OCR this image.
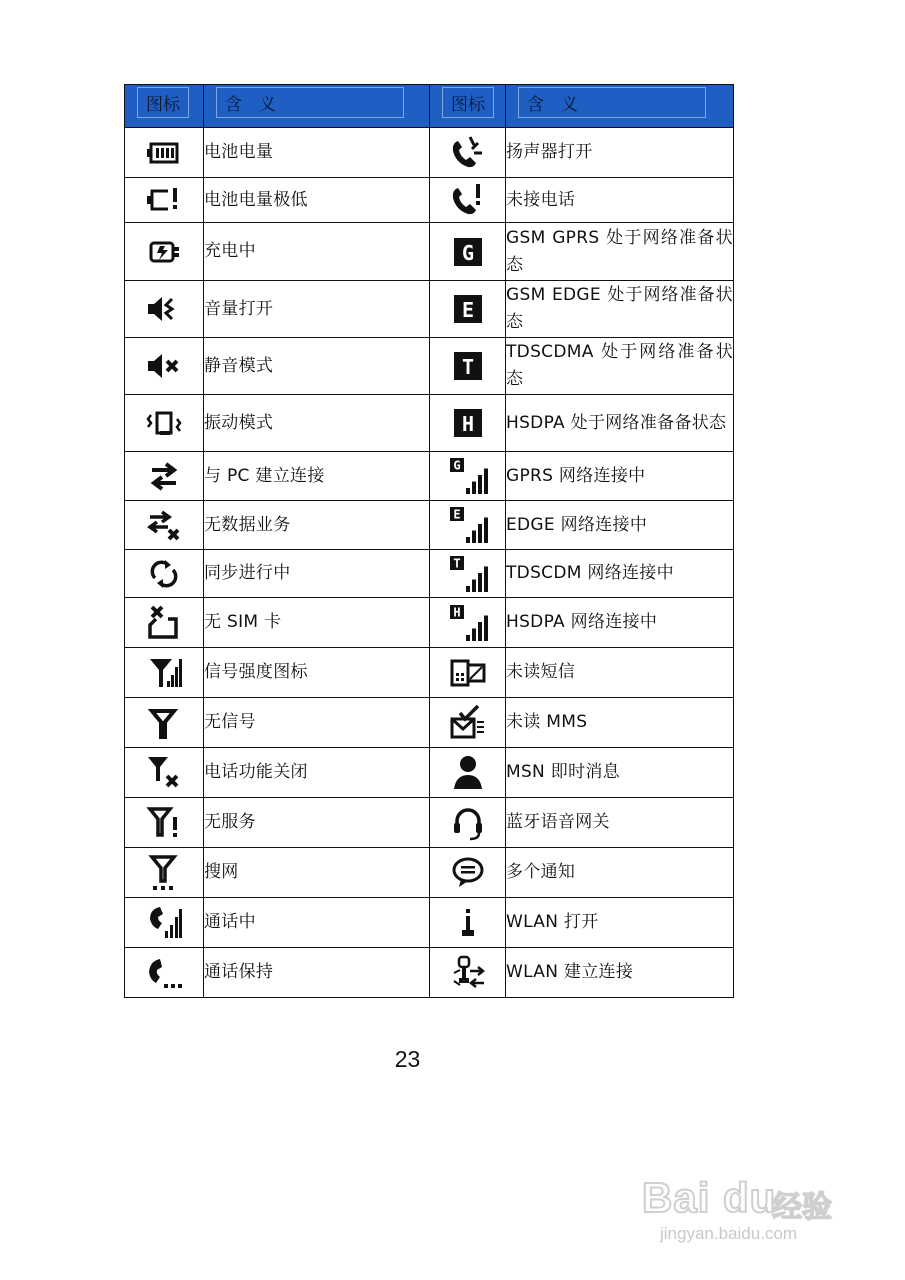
图标	含　义	图标	含　义

	电池电量		扬声器打开

	电池电量极低		未接电话

	充电中	G	GSM GPRS 处于网络准备状态

	音量打开	E	GSM EDGE 处于网络准备状态

	静音模式	T	TDSCDMA 处于网络准备状态

	振动模式	H	HSDPA 处于网络准备备状态

	与 PC 建立连接	G	GPRS 网络连接中

	无数据业务	E	EDGE 网络连接中

	同步进行中	T	TDSCDM 网络连接中

	无 SIM 卡	H	HSDPA 网络连接中

	信号强度图标		未读短信

	无信号		未读 MMS

	电话功能关闭		MSN 即时消息

	无服务		蓝牙语音网关

	搜网		多个通知

	通话中		WLAN 打开

	通话保持		WLAN 建立连接
23
Bai du
经验
jingyan.baidu.com
